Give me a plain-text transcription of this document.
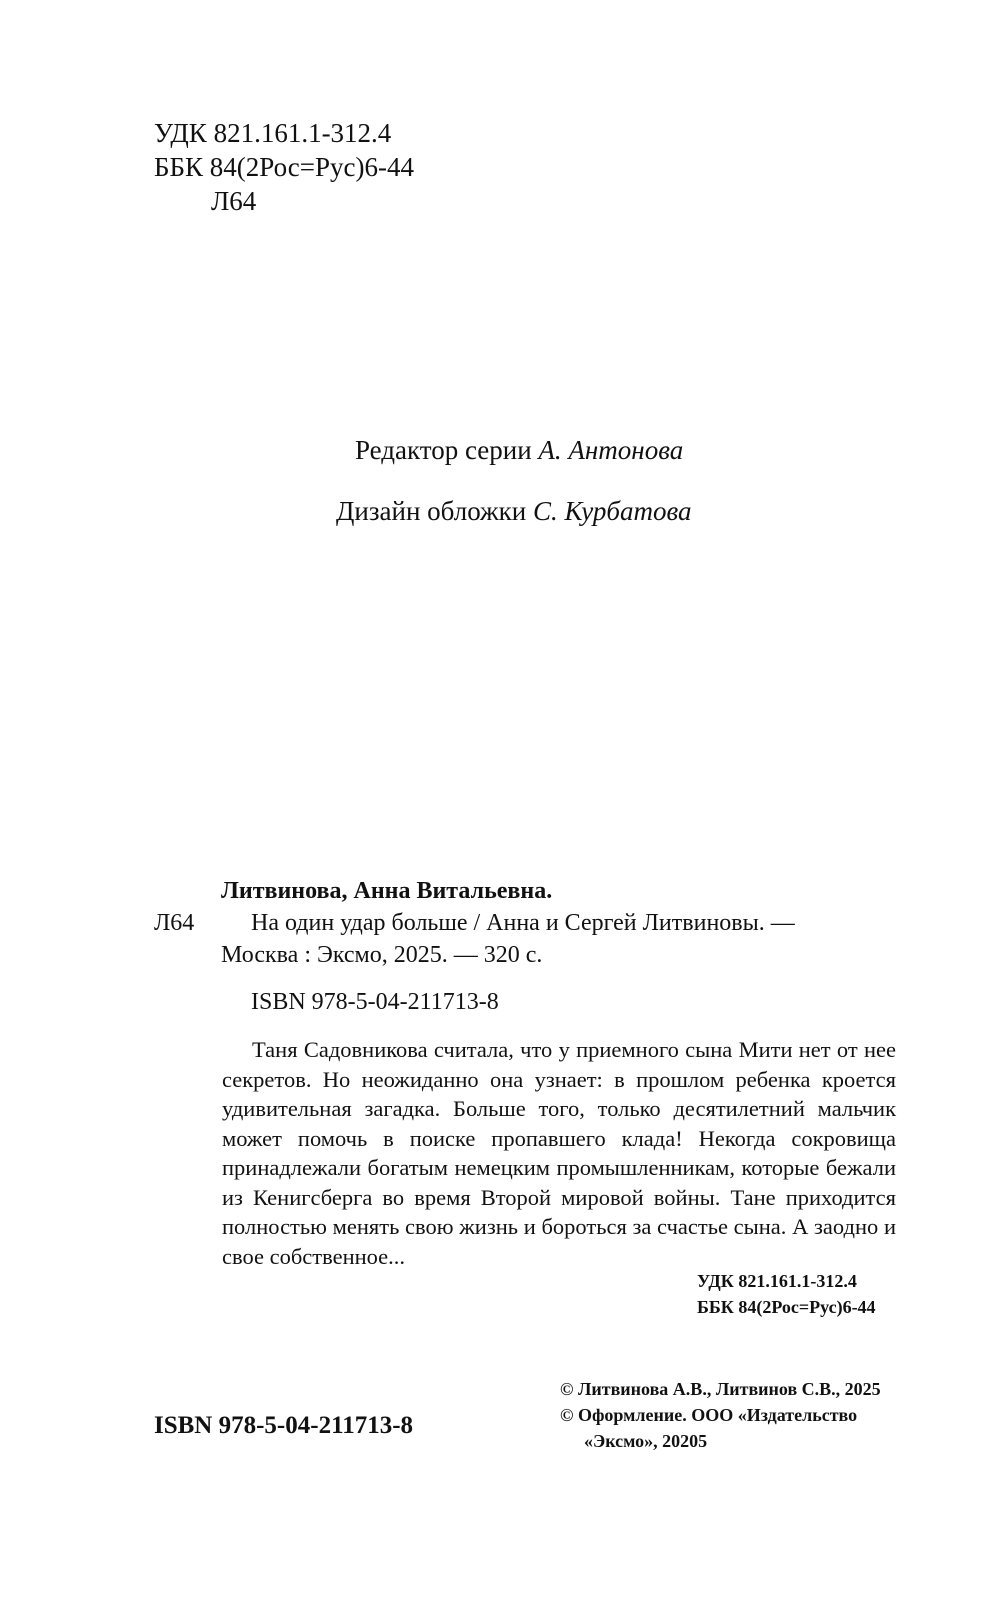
УДК 821.161.1-312.4
ББК 84(2Рос=Рус)6-44
Л64
Редактор серии А. Антонова
Дизайн обложки С. Курбатова
Литвинова, Анна Витальевна.
Л64 На один удар больше / Анна и Сергей Литвиновы. —
Москва : Эксмо, 2025. — 320 с.
ISBN 978-5-04-211713-8

Таня Садовникова считала, что у приемного сына Мити нет от нее секретов. Но неожиданно она узнает: в прошлом ребенка кроется удивительная загадка. Больше того, только десятилетний мальчик может помочь в поиске пропавшего клада! Некогда сокровища принадлежали богатым немецким промышленникам, которые бежали из Кенигсберга во время Второй мировой войны. Тане приходится полностью менять свою жизнь и бороться за счастье сына. А заодно и свое собственное...

УДК 821.161.1-312.4
ББК 84(2Рос=Рус)6-44
© Литвинова А.В., Литвинов С.В., 2025
© Оформление. ООО «Издательство
«Эксмо», 20205
ISBN 978-5-04-211713-8
